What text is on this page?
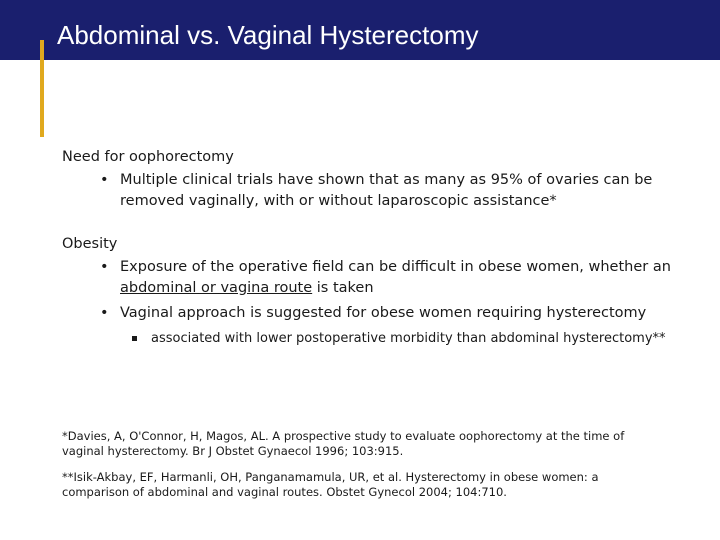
Abdominal vs. Vaginal Hysterectomy

Need for oophorectomy

• Multiple clinical trials have shown that as many as 95% of ovaries can be removed vaginally, with or without laparoscopic assistance*

Obesity

• Exposure of the operative field can be difficult in obese women, whether an abdominal or vagina route is taken
• Vaginal approach is suggested for obese women requiring hysterectomy
associated with lower postoperative morbidity than abdominal hysterectomy**

*Davies, A, O'Connor, H, Magos, AL. A prospective study to evaluate oophorectomy at the time of vaginal hysterectomy. Br J Obstet Gynaecol 1996; 103:915.

**Isik-Akbay, EF, Harmanli, OH, Panganamamula, UR, et al. Hysterectomy in obese women: a comparison of abdominal and vaginal routes. Obstet Gynecol 2004; 104:710.
